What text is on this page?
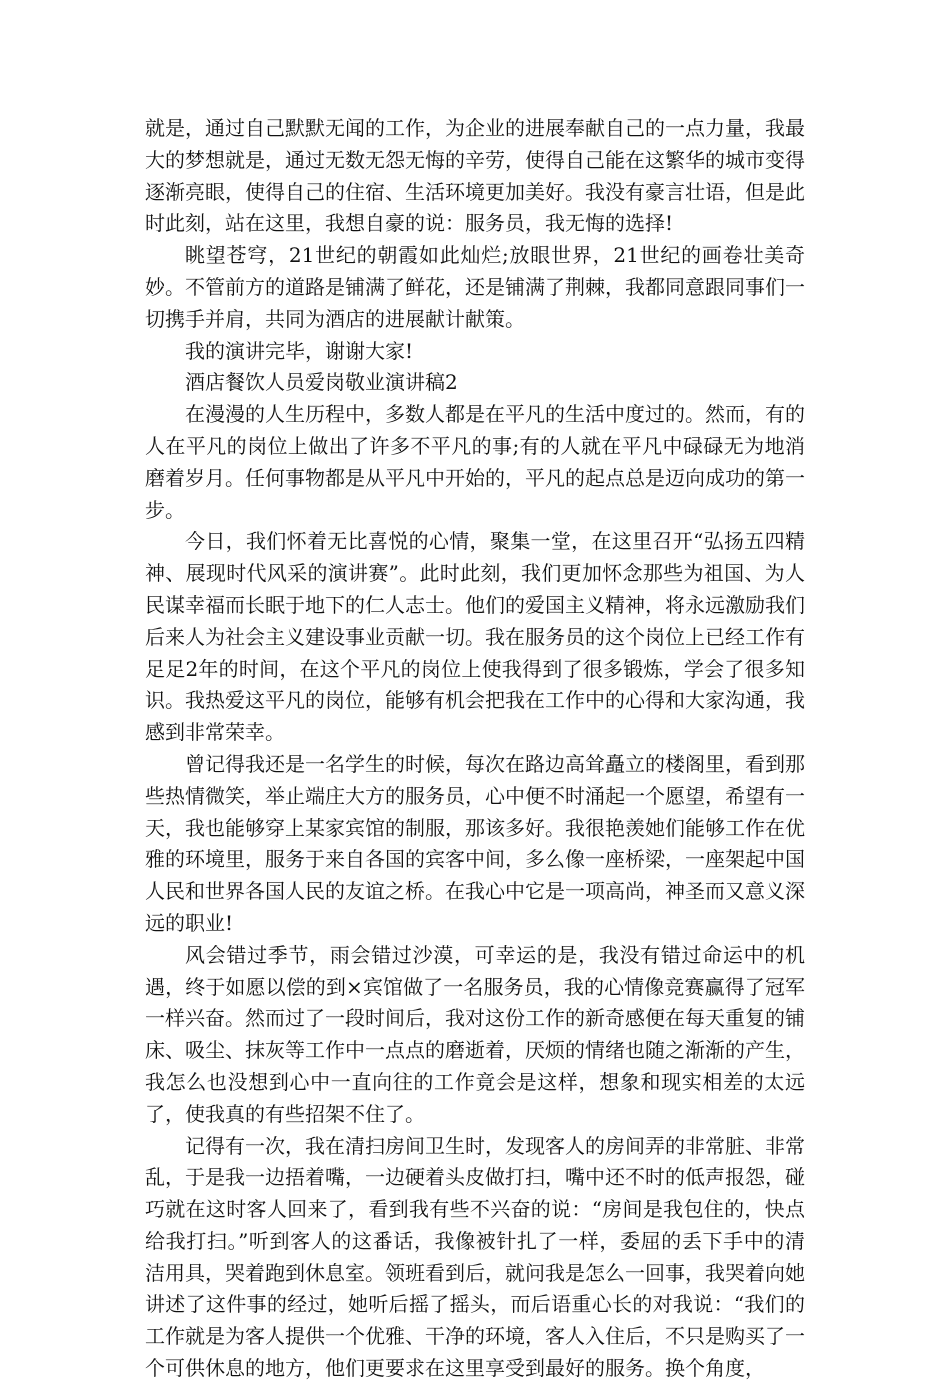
就是，通过自己默默无闻的工作，为企业的进展奉献自己的一点力量，我最大的梦想就是，通过无数无怨无悔的辛劳，使得自己能在这繁华的城市变得逐渐亮眼，使得自己的住宿、生活环境更加美好。我没有豪言壮语，但是此时此刻，站在这里，我想自豪的说：服务员，我无悔的选择!

眺望苍穹，21世纪的朝霞如此灿烂;放眼世界，21世纪的画卷壮美奇妙。不管前方的道路是铺满了鲜花，还是铺满了荆棘，我都同意跟同事们一切携手并肩，共同为酒店的进展献计献策。

我的演讲完毕，谢谢大家!

酒店餐饮人员爱岗敬业演讲稿2

在漫漫的人生历程中，多数人都是在平凡的生活中度过的。然而，有的人在平凡的岗位上做出了许多不平凡的事;有的人就在平凡中碌碌无为地消磨着岁月。任何事物都是从平凡中开始的，平凡的起点总是迈向成功的第一步。

今日，我们怀着无比喜悦的心情，聚集一堂，在这里召开“弘扬五四精神、展现时代风采的演讲赛”。此时此刻，我们更加怀念那些为祖国、为人民谋幸福而长眠于地下的仁人志士。他们的爱国主义精神，将永远激励我们后来人为社会主义建设事业贡献一切。我在服务员的这个岗位上已经工作有足足2年的时间，在这个平凡的岗位上使我得到了很多锻炼，学会了很多知识。我热爱这平凡的岗位，能够有机会把我在工作中的心得和大家沟通，我感到非常荣幸。

曾记得我还是一名学生的时候，每次在路边高耸矗立的楼阁里，看到那些热情微笑，举止端庄大方的服务员，心中便不时涌起一个愿望，希望有一天，我也能够穿上某家宾馆的制服，那该多好。我很艳羡她们能够工作在优雅的环境里，服务于来自各国的宾客中间，多么像一座桥梁，一座架起中国人民和世界各国人民的友谊之桥。在我心中它是一项高尚，神圣而又意义深远的职业!

风会错过季节，雨会错过沙漠，可幸运的是，我没有错过命运中的机遇，终于如愿以偿的到×宾馆做了一名服务员，我的心情像竞赛赢得了冠军一样兴奋。然而过了一段时间后，我对这份工作的新奇感便在每天重复的铺床、吸尘、抹灰等工作中一点点的磨逝着，厌烦的情绪也随之渐渐的产生，我怎么也没想到心中一直向往的工作竟会是这样，想象和现实相差的太远了，使我真的有些招架不住了。

记得有一次，我在清扫房间卫生时，发现客人的房间弄的非常脏、非常乱，于是我一边捂着嘴，一边硬着头皮做打扫，嘴中还不时的低声报怨，碰巧就在这时客人回来了，看到我有些不兴奋的说：“房间是我包住的，快点给我打扫。”听到客人的这番话，我像被针扎了一样，委屈的丢下手中的清洁用具，哭着跑到休息室。领班看到后，就问我是怎么一回事，我哭着向她讲述了这件事的经过，她听后摇了摇头，而后语重心长的对我说：“我们的工作就是为客人提供一个优雅、干净的环境，客人入住后，不只是购买了一个可供休息的地方，他们更要求在这里享受到最好的服务。换个角度，
